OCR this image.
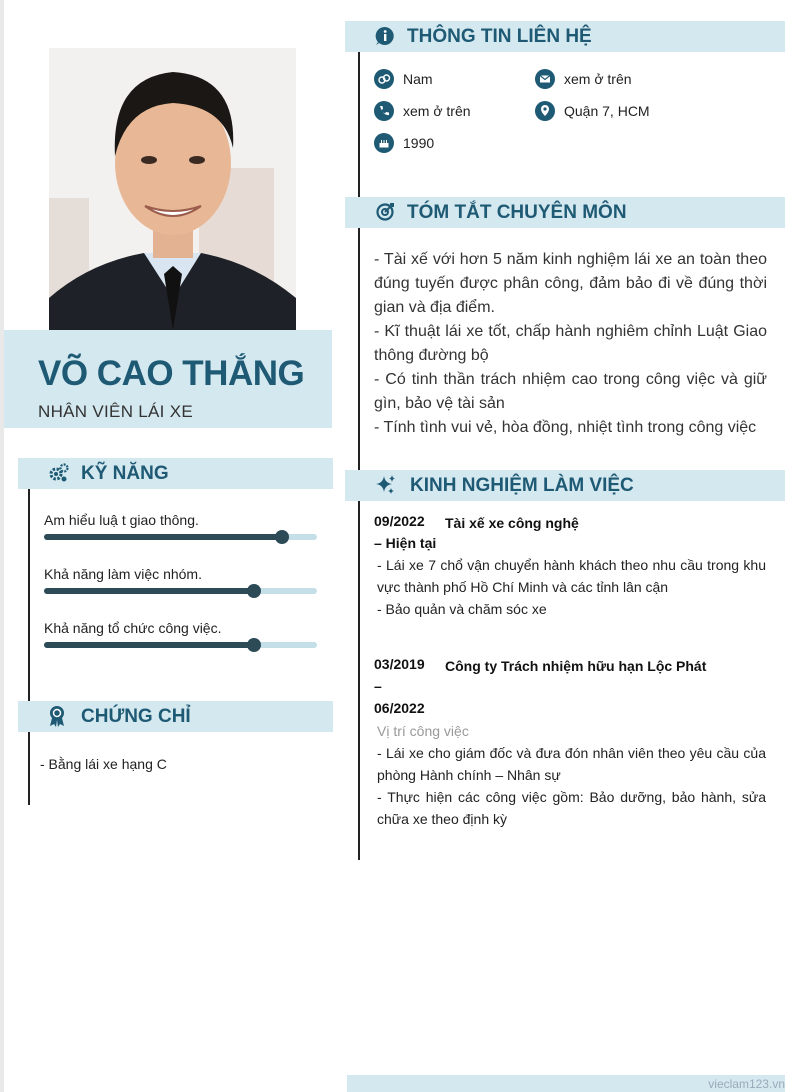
VÕ CAO THẮNG
NHÂN VIÊN LÁI XE
KỸ NĂNG
Am hiểu luậ t giao thông.
Khả năng làm việc nhóm.
Khả năng tổ chức công việc.
CHỨNG CHỈ
- Bằng lái xe hạng C
THÔNG TIN LIÊN HỆ
Nam	xem ở trên
xem ở trên	Quận 7, HCM
1990
TÓM TẮT CHUYÊN MÔN
- Tài xế với hơn 5 năm kinh nghiệm lái xe an toàn theo đúng tuyến được phân công, đảm bảo đi về đúng thời gian và địa điểm.
- Kĩ thuật lái xe tốt, chấp hành nghiêm chỉnh Luật Giao thông đường bộ
- Có tinh thần trách nhiệm cao trong công việc và giữ gìn, bảo vệ tài sản
- Tính tình vui vẻ, hòa đồng, nhiệt tình trong công việc
KINH NGHIỆM LÀM VIỆC
09/2022 Tài xế xe công nghệ
– Hiện tại
- Lái xe 7 chổ vận chuyển hành khách theo nhu cầu trong khu vực thành phố Hồ Chí Minh và các tỉnh lân cận
- Bảo quản và chăm sóc xe
03/2019 Công ty Trách nhiệm hữu hạn Lộc Phát
–
06/2022
Vị trí công việc
- Lái xe cho giám đốc và đưa đón nhân viên theo yêu cầu của phòng Hành chính – Nhân sự
- Thực hiện các công việc gồm: Bảo dưỡng, bảo hành, sửa chữa xe theo định kỳ
vieclam123.vn
